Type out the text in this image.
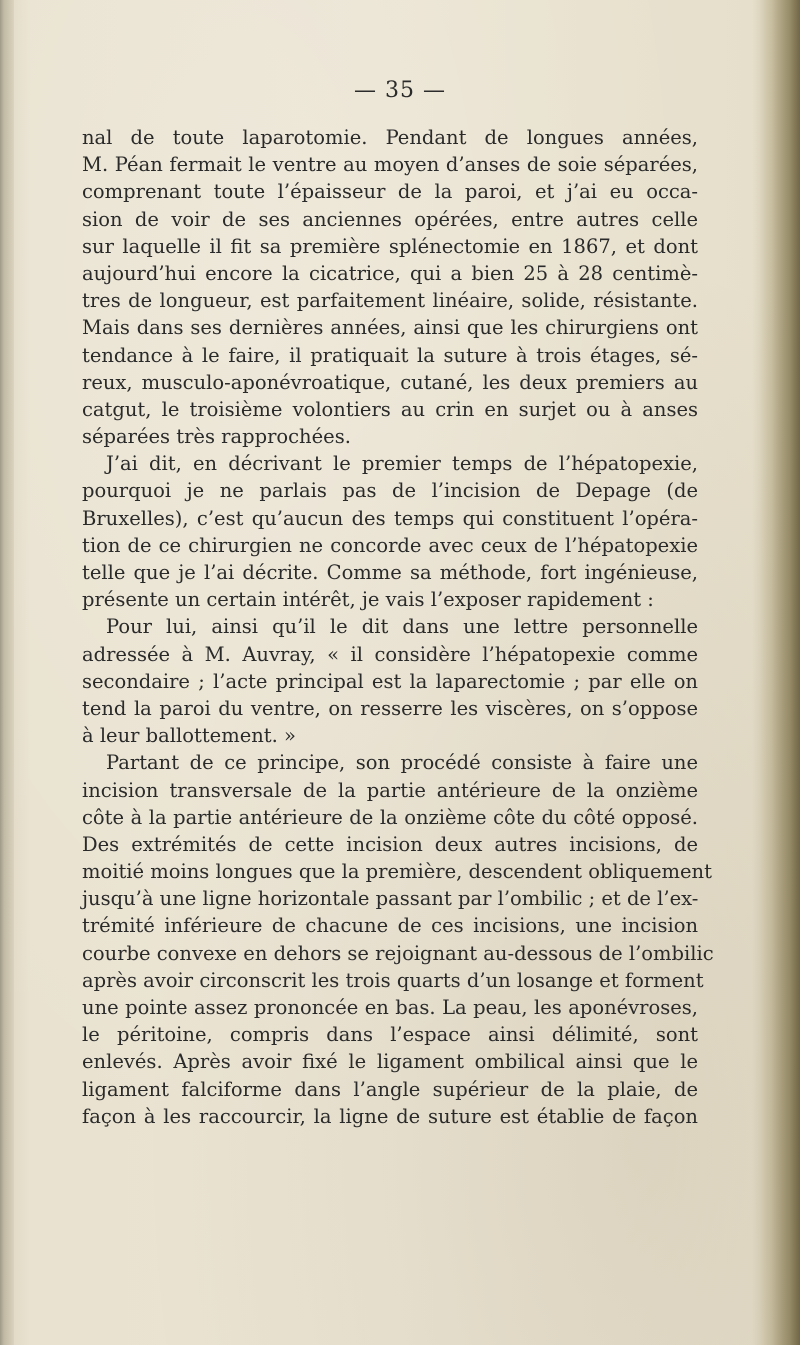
— 35 —
nal de toute laparotomie. Pendant de longues années,
M. Péan fermait le ventre au moyen d’anses de soie séparées,
comprenant toute l’épaisseur de la paroi, et j’ai eu occa-
sion de voir de ses anciennes opérées, entre autres celle
sur laquelle il fit sa première splénectomie en 1867, et dont
aujourd’hui encore la cicatrice, qui a bien 25 à 28 centimè-
tres de longueur, est parfaitement linéaire, solide, résistante.
Mais dans ses dernières années, ainsi que les chirurgiens ont
tendance à le faire, il pratiquait la suture à trois étages, sé-
reux, musculo-aponévroatique, cutané, les deux premiers au
catgut, le troisième volontiers au crin en surjet ou à anses
séparées très rapprochées.
J’ai dit, en décrivant le premier temps de l’hépatopexie,
pourquoi je ne parlais pas de l’incision de Depage (de
Bruxelles), c’est qu’aucun des temps qui constituent l’opéra-
tion de ce chirurgien ne concorde avec ceux de l’hépatopexie
telle que je l’ai décrite. Comme sa méthode, fort ingénieuse,
présente un certain intérêt, je vais l’exposer rapidement :
Pour lui, ainsi qu’il le dit dans une lettre personnelle
adressée à M. Auvray, « il considère l’hépatopexie comme
secondaire ; l’acte principal est la laparectomie ; par elle on
tend la paroi du ventre, on resserre les viscères, on s’oppose
à leur ballottement. »
Partant de ce principe, son procédé consiste à faire une
incision transversale de la partie antérieure de la onzième
côte à la partie antérieure de la onzième côte du côté opposé.
Des extrémités de cette incision deux autres incisions, de
moitié moins longues que la première, descendent obliquement
jusqu’à une ligne horizontale passant par l’ombilic ; et de l’ex-
trémité inférieure de chacune de ces incisions, une incision
courbe convexe en dehors se rejoignant au-dessous de l’ombilic
après avoir circonscrit les trois quarts d’un losange et forment
une pointe assez prononcée en bas. La peau, les aponévroses,
le péritoine, compris dans l’espace ainsi délimité, sont
enlevés. Après avoir fixé le ligament ombilical ainsi que le
ligament falciforme dans l’angle supérieur de la plaie, de
façon à les raccourcir, la ligne de suture est établie de façon
